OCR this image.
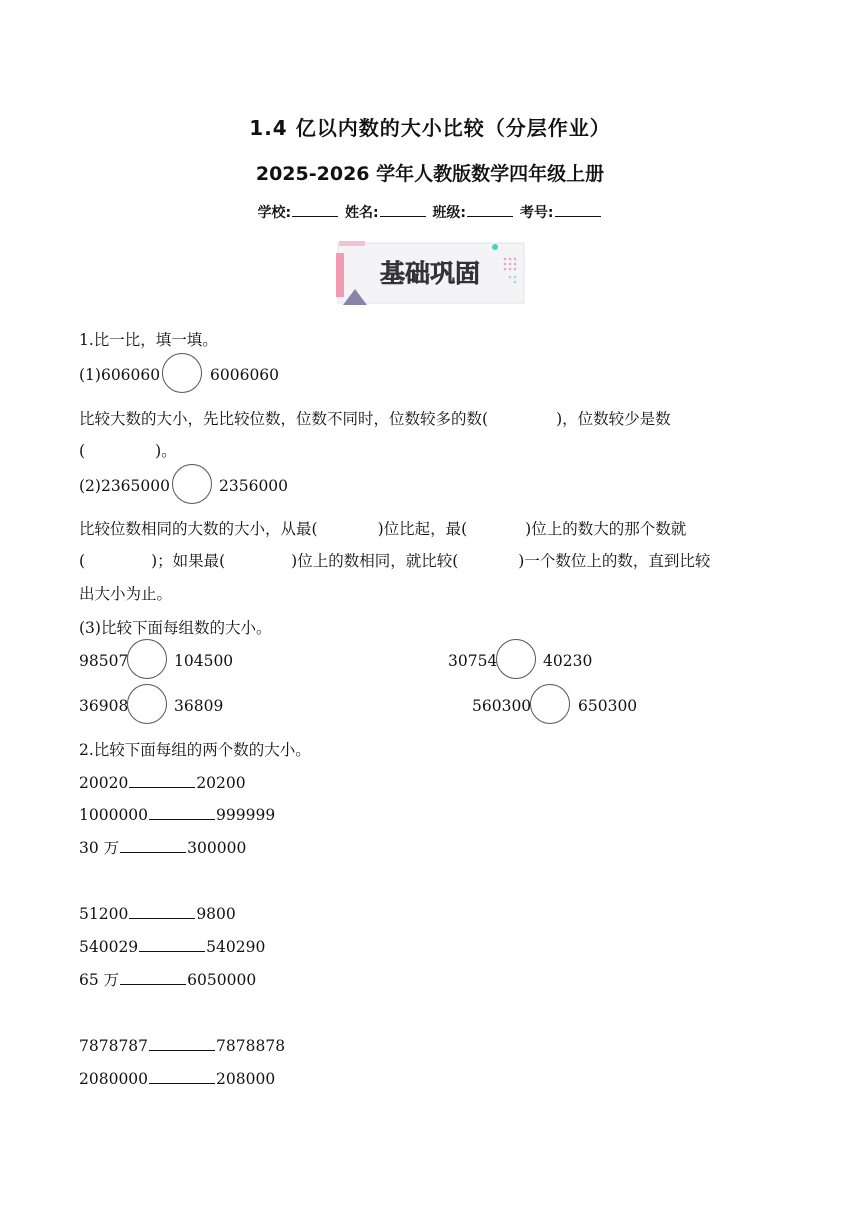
1.4 亿以内数的大小比较（分层作业）
2025-2026 学年人教版数学四年级上册
学校:	姓名:	班级:	考号:
基础巩固
1.比一比，填一填。
(1)606060	6006060
比较大数的大小，先比较位数，位数不同时，位数较多的数(	)，位数较少是数
(	)。
(2)2365000	2356000
比较位数相同的大数的大小，从最(	)位比起，最(	)位上的数大的那个数就
(	)；如果最(	)位上的数相同，就比较(	)一个数位上的数，直到比较
出大小为止。
(3)比较下面每组数的大小。
98507	104500	30754	40230
36908	36809	560300	650300
2.比较下面每组的两个数的大小。
20020	20200
1000000	999999
30 万	300000
51200	9800
540029	540290
65 万	6050000
7878787	7878878
2080000	208000
